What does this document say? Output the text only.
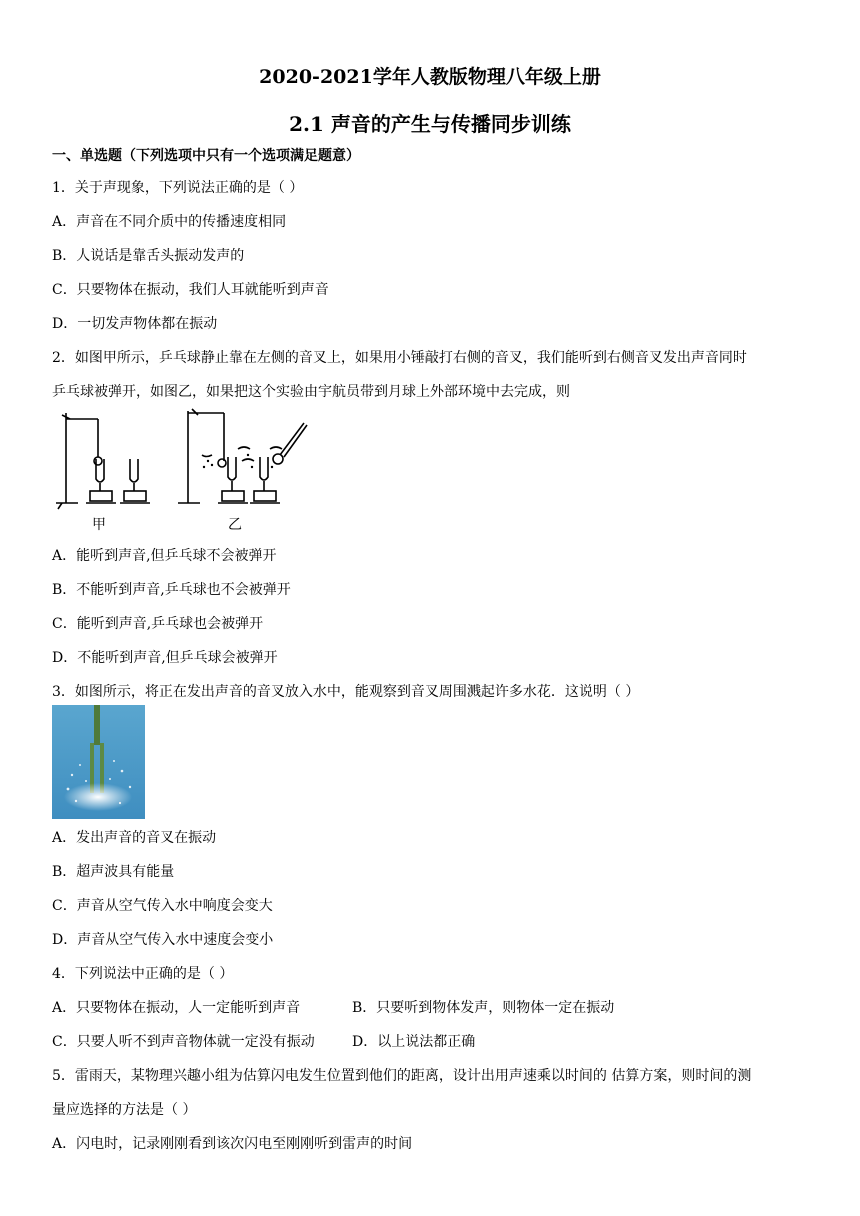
2020-2021学年人教版物理八年级上册
2.1 声音的产生与传播同步训练
一、单选题（下列选项中只有一个选项满足题意）
1．关于声现象，下列说法正确的是（ ）
A．声音在不同介质中的传播速度相同
B．人说话是靠舌头振动发声的
C．只要物体在振动，我们人耳就能听到声音
D．一切发声物体都在振动
2．如图甲所示，乒乓球静止靠在左侧的音叉上，如果用小锤敲打右侧的音叉，我们能听到右侧音叉发出声音同时
乒乓球被弹开，如图乙，如果把这个实验由宇航员带到月球上外部环境中去完成，则
甲	乙
A．能听到声音,但乒乓球不会被弹开
B．不能听到声音,乒乓球也不会被弹开
C．能听到声音,乒乓球也会被弹开
D．不能听到声音,但乒乓球会被弹开
3．如图所示，将正在发出声音的音叉放入水中，能观察到音叉周围溅起许多水花．这说明（ ）
A．发出声音的音叉在振动
B．超声波具有能量
C．声音从空气传入水中响度会变大
D．声音从空气传入水中速度会变小
4．下列说法中正确的是（ ）
A．只要物体在振动，人一定能听到声音	B．只要听到物体发声，则物体一定在振动
C．只要人听不到声音物体就一定没有振动	D．以上说法都正确
5．雷雨天，某物理兴趣小组为估算闪电发生位置到他们的距离，设计出用声速乘以时间的 估算方案，则时间的测
量应选择的方法是（ ）
A．闪电时，记录刚刚看到该次闪电至刚刚听到雷声的时间
